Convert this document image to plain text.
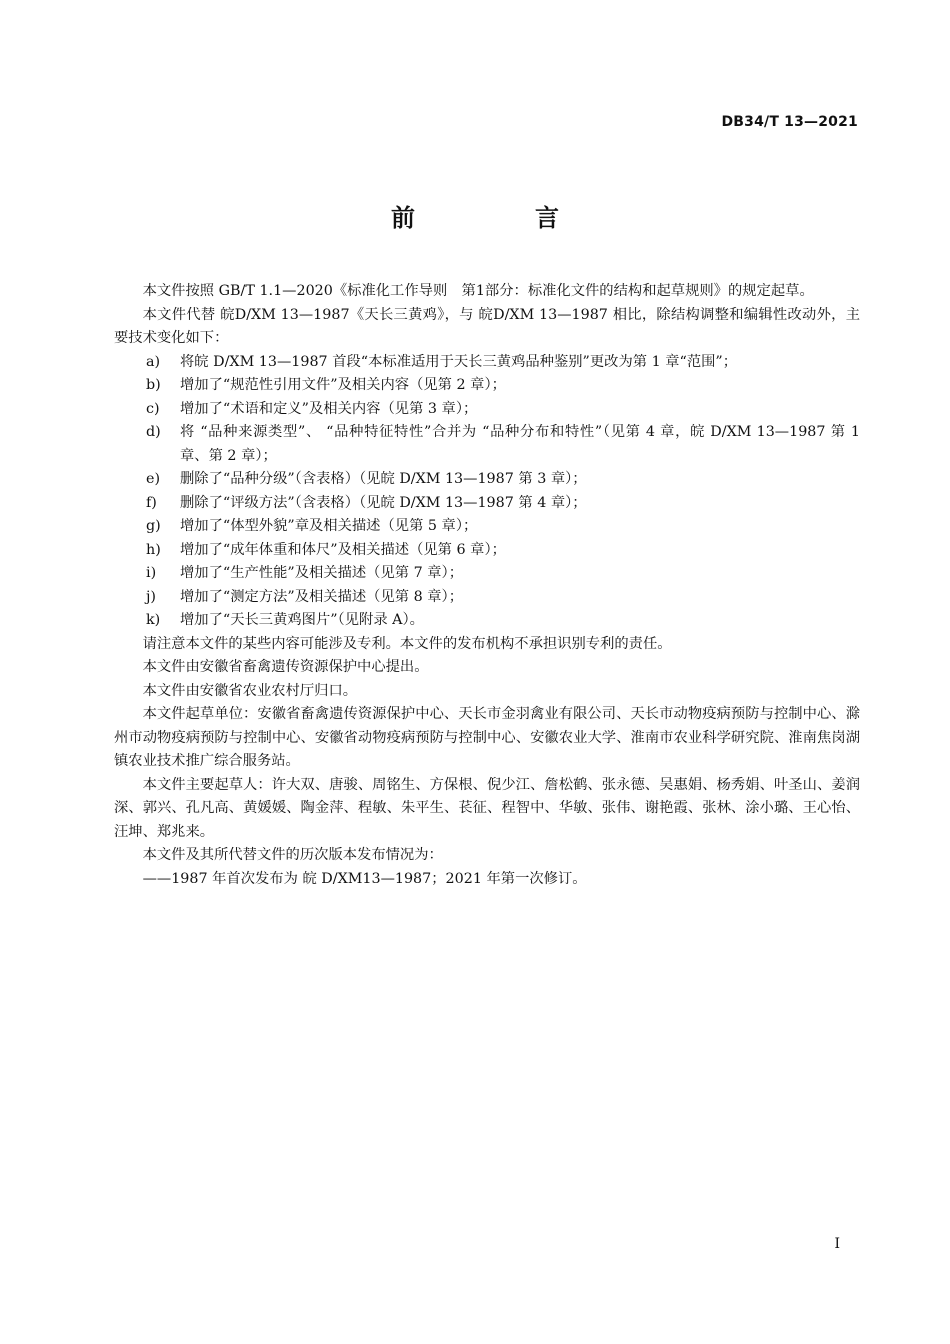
DB34/T 13—2021
前　言
本文件按照 GB/T 1.1—2020《标准化工作导则　第1部分：标准化文件的结构和起草规则》的规定起草。
本文件代替 皖D/XM 13—1987《天长三黄鸡》，与 皖D/XM 13—1987 相比，除结构调整和编辑性改动外，主要技术变化如下：
a) 将皖 D/XM 13—1987 首段“本标准适用于天长三黄鸡品种鉴别”更改为第 1 章“范围”；
b) 增加了“规范性引用文件”及相关内容（见第 2 章）；
c) 增加了“术语和定义”及相关内容（见第 3 章）；
d) 将 “品种来源类型”、 “品种特征特性”合并为 “品种分布和特性”（见第 4 章，皖 D/XM 13—1987 第 1 章、第 2 章）；
e) 删除了“品种分级”（含表格）（见皖 D/XM 13—1987 第 3 章）；
f) 删除了“评级方法”（含表格）（见皖 D/XM 13—1987 第 4 章）；
g) 增加了“体型外貌”章及相关描述（见第 5 章）；
h) 增加了“成年体重和体尺”及相关描述（见第 6 章）；
i) 增加了“生产性能”及相关描述（见第 7 章）；
j) 增加了“测定方法”及相关描述（见第 8 章）；
k) 增加了“天长三黄鸡图片”（见附录 A）。
请注意本文件的某些内容可能涉及专利。本文件的发布机构不承担识别专利的责任。
本文件由安徽省畜禽遗传资源保护中心提出。
本文件由安徽省农业农村厅归口。
本文件起草单位：安徽省畜禽遗传资源保护中心、天长市金羽禽业有限公司、天长市动物疫病预防与控制中心、滁州市动物疫病预防与控制中心、安徽省动物疫病预防与控制中心、安徽农业大学、淮南市农业科学研究院、淮南焦岗湖镇农业技术推广综合服务站。
本文件主要起草人：许大双、唐骏、周铭生、方保根、倪少江、詹松鹤、张永德、吴惠娟、杨秀娟、叶圣山、姜润深、郭兴、孔凡高、黄媛媛、陶金萍、程敏、朱平生、苌征、程智中、华敏、张伟、谢艳霞、张林、涂小璐、王心怡、汪坤、郑兆来。
本文件及其所代替文件的历次版本发布情况为：
——1987 年首次发布为 皖 D/XM13—1987；2021 年第一次修订。
I
